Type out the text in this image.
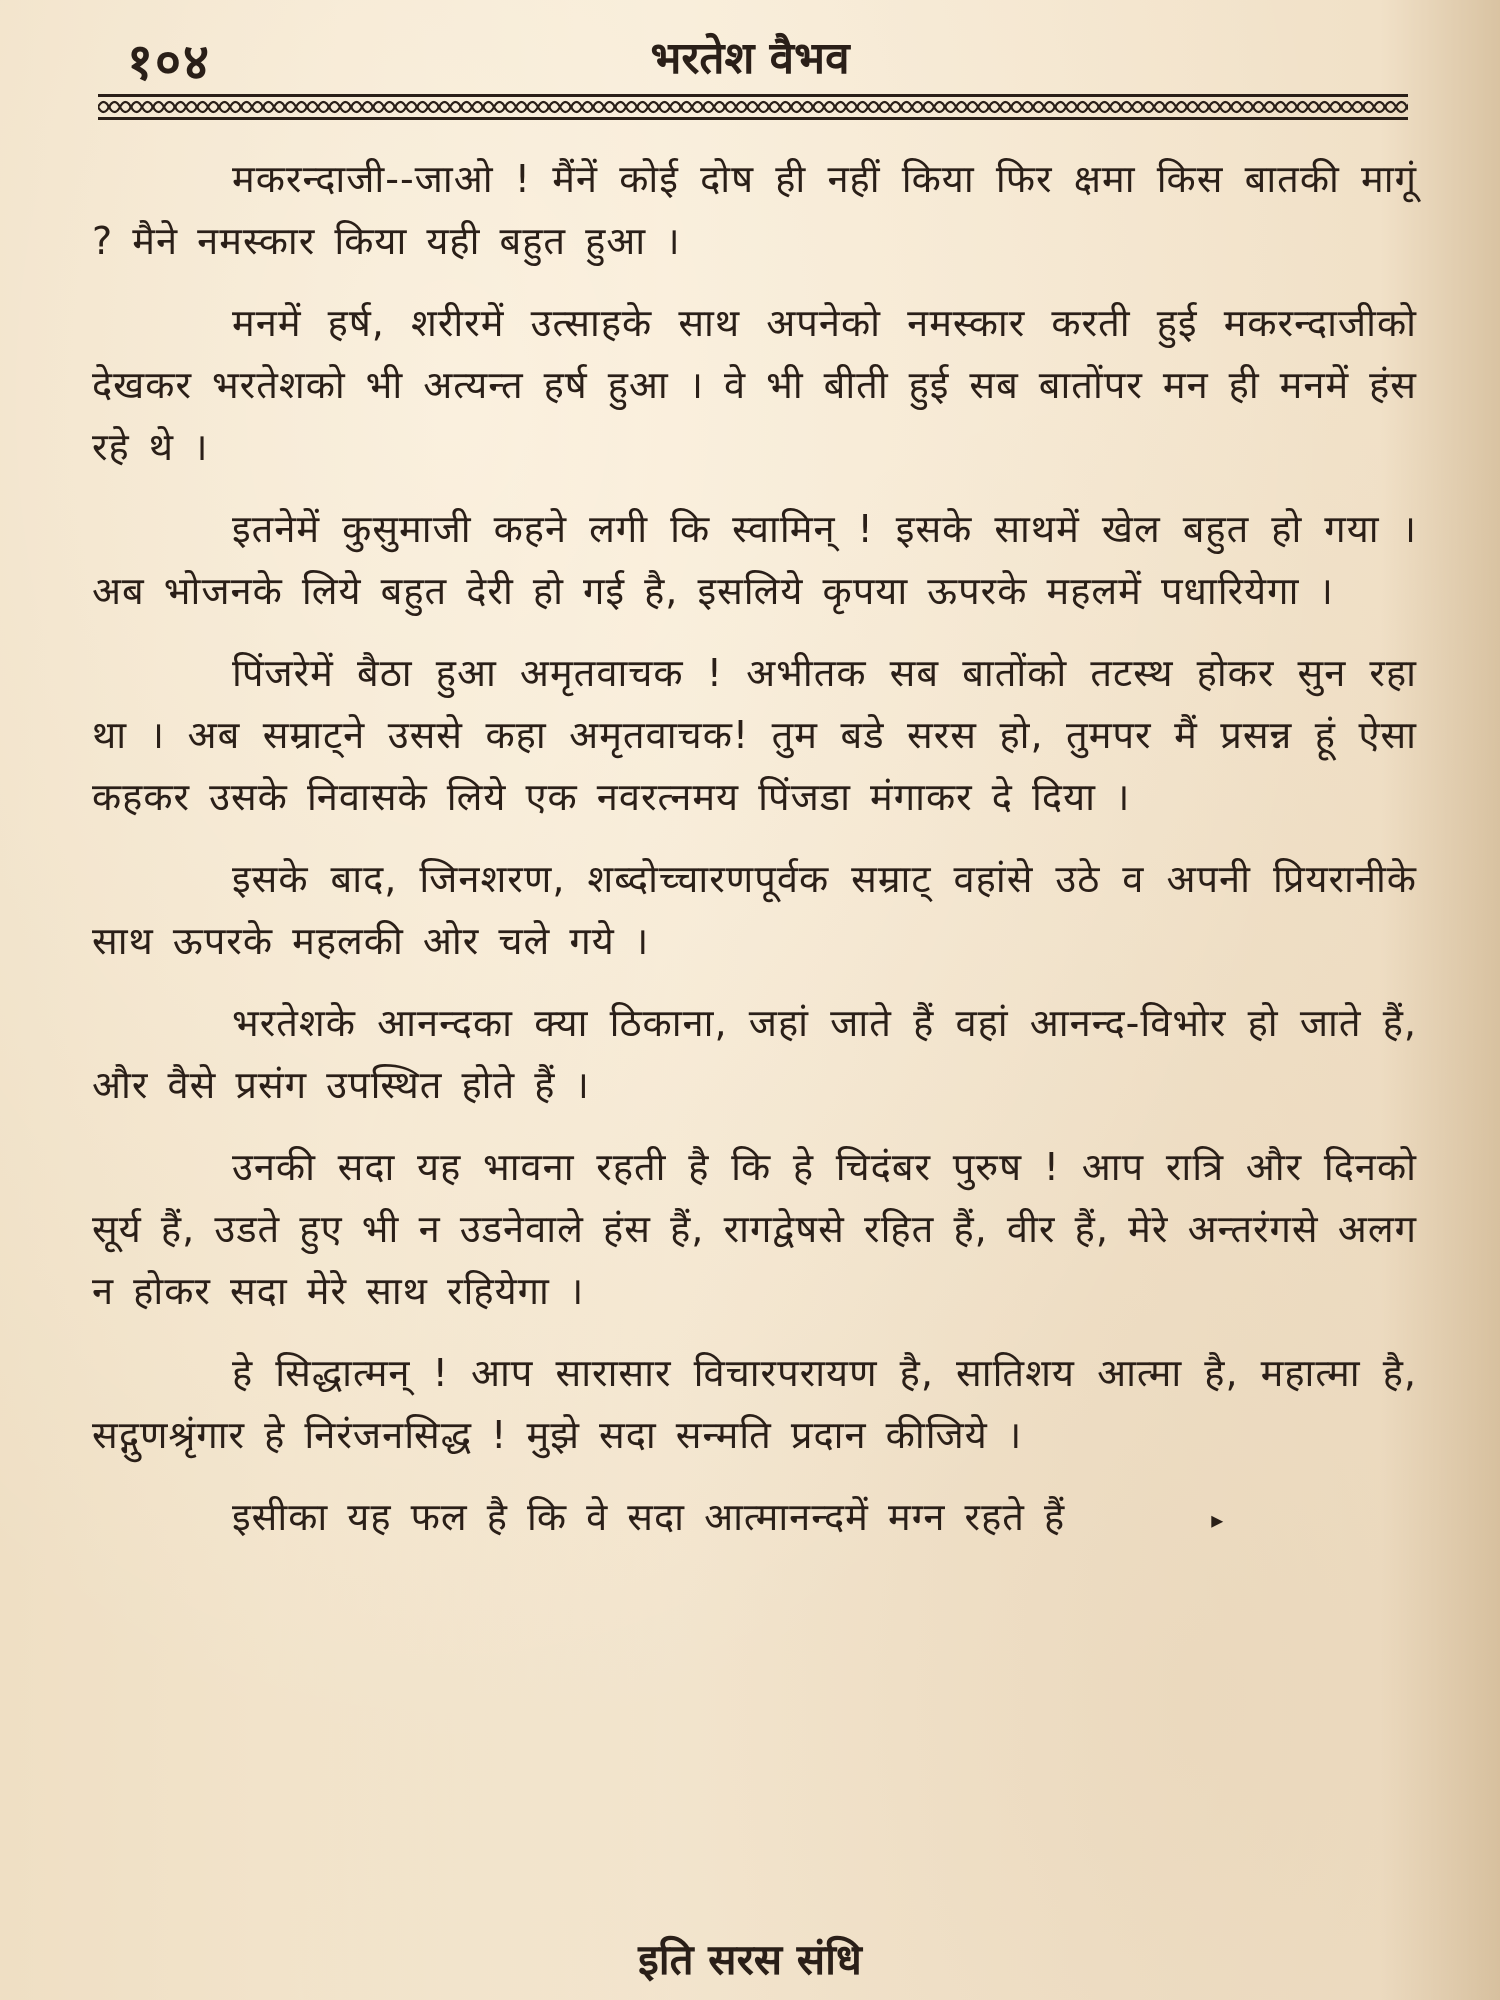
१०४	भरतेश वैभव

मकरन्दाजी--जाओ ! मैंनें कोई दोष ही नहीं किया फिर क्षमा किस बातकी मागूं ? मैने नमस्कार किया यही बहुत हुआ ।

मनमें हर्ष, शरीरमें उत्साहके साथ अपनेको नमस्कार करती हुई मकरन्दाजीको देखकर भरतेशको भी अत्यन्त हर्ष हुआ । वे भी बीती हुई सब बातोंपर मन ही मनमें हंस रहे थे ।

इतनेमें कुसुमाजी कहने लगी कि स्वामिन् ! इसके साथमें खेल बहुत हो गया । अब भोजनके लिये बहुत देरी हो गई है, इसलिये कृपया ऊपरके महलमें पधारियेगा ।

पिंजरेमें बैठा हुआ अमृतवाचक ! अभीतक सब बातोंको तटस्थ होकर सुन रहा था । अब सम्राट्ने उससे कहा अमृतवाचक! तुम बडे सरस हो, तुमपर मैं प्रसन्न हूं ऐसा कहकर उसके निवासके लिये एक नवरत्नमय पिंजडा मंगाकर दे दिया ।

इसके बाद, जिनशरण, शब्दोच्चारणपूर्वक सम्राट् वहांसे उठे व अपनी प्रियरानीके साथ ऊपरके महलकी ओर चले गये ।

भरतेशके आनन्दका क्या ठिकाना, जहां जाते हैं वहां आनन्द-विभोर हो जाते हैं, और वैसे प्रसंग उपस्थित होते हैं ।

उनकी सदा यह भावना रहती है कि हे चिदंबर पुरुष ! आप रात्रि और दिनको सूर्य हैं, उडते हुए भी न उडनेवाले हंस हैं, रागद्वेषसे रहित हैं, वीर हैं, मेरे अन्तरंगसे अलग न होकर सदा मेरे साथ रहियेगा ।

हे सिद्धात्मन् ! आप सारासार विचारपरायण है, सातिशय आत्मा है, महात्मा है, सद्गुणश्रृंगार हे निरंजनसिद्ध ! मुझे सदा सन्मति प्रदान कीजिये ।

इसीका यह फल है कि वे सदा आत्मानन्दमें मग्न रहते हैं	▸

इति सरस संधि
